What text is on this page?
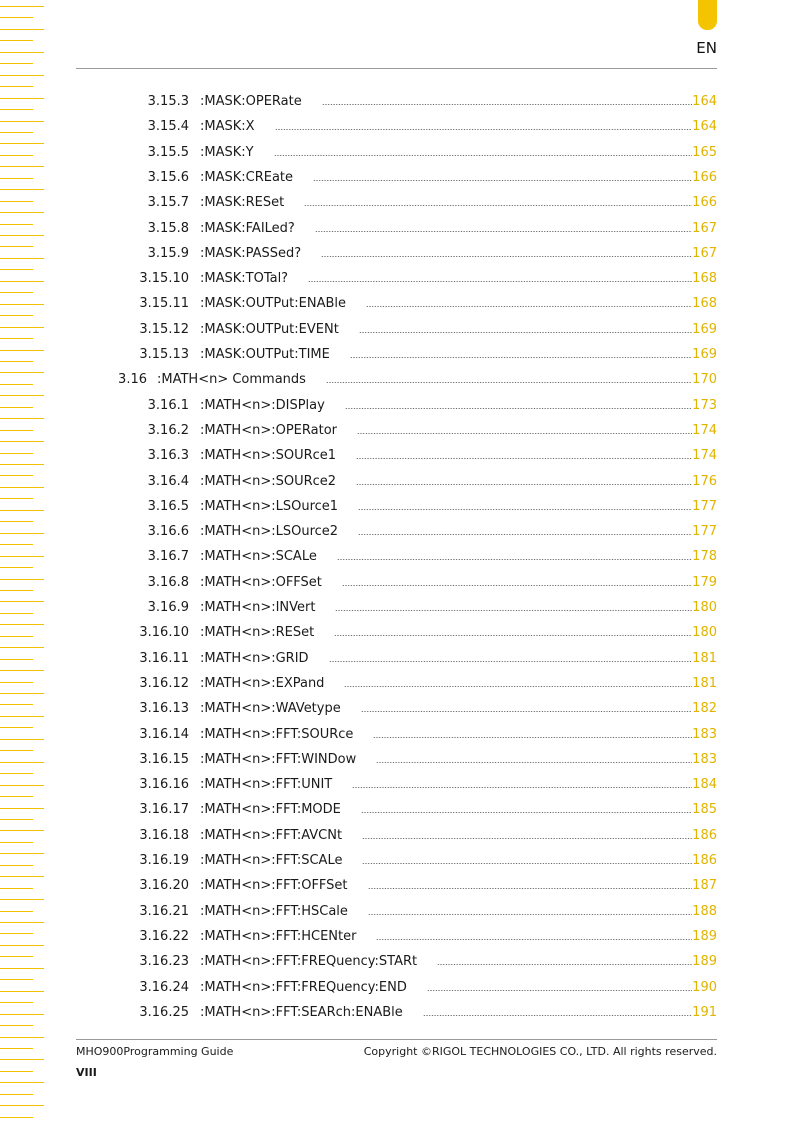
EN
3.15.3 :MASK:OPERate	164
3.15.4 :MASK:X	164
3.15.5 :MASK:Y	165
3.15.6 :MASK:CREate	166
3.15.7 :MASK:RESet	166
3.15.8 :MASK:FAILed?	167
3.15.9 :MASK:PASSed?	167
3.15.10 :MASK:TOTal?	168
3.15.11 :MASK:OUTPut:ENABle	168
3.15.12 :MASK:OUTPut:EVENt	169
3.15.13 :MASK:OUTPut:TIME	169
3.16 :MATH<n> Commands	170
3.16.1 :MATH<n>:DISPlay	173
3.16.2 :MATH<n>:OPERator	174
3.16.3 :MATH<n>:SOURce1	174
3.16.4 :MATH<n>:SOURce2	176
3.16.5 :MATH<n>:LSOurce1	177
3.16.6 :MATH<n>:LSOurce2	177
3.16.7 :MATH<n>:SCALe	178
3.16.8 :MATH<n>:OFFSet	179
3.16.9 :MATH<n>:INVert	180
3.16.10 :MATH<n>:RESet	180
3.16.11 :MATH<n>:GRID	181
3.16.12 :MATH<n>:EXPand	181
3.16.13 :MATH<n>:WAVetype	182
3.16.14 :MATH<n>:FFT:SOURce	183
3.16.15 :MATH<n>:FFT:WINDow	183
3.16.16 :MATH<n>:FFT:UNIT	184
3.16.17 :MATH<n>:FFT:MODE	185
3.16.18 :MATH<n>:FFT:AVCNt	186
3.16.19 :MATH<n>:FFT:SCALe	186
3.16.20 :MATH<n>:FFT:OFFSet	187
3.16.21 :MATH<n>:FFT:HSCale	188
3.16.22 :MATH<n>:FFT:HCENter	189
3.16.23 :MATH<n>:FFT:FREQuency:STARt	189
3.16.24 :MATH<n>:FFT:FREQuency:END	190
3.16.25 :MATH<n>:FFT:SEARch:ENABle	191
MHO900Programming Guide	Copyright ©RIGOL TECHNOLOGIES CO., LTD. All rights reserved.
VIII
